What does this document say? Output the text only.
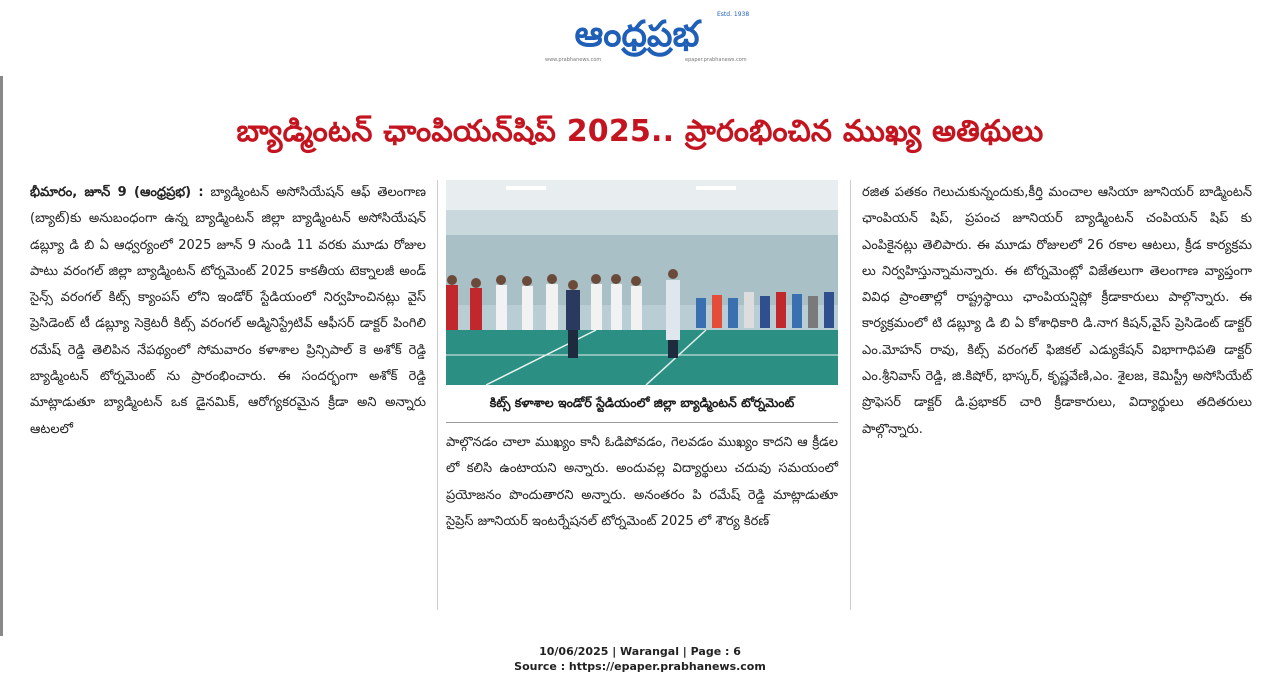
ఆంధ్రప్రభ	Estd. 1938
www.prabhanews.com	epaper.prabhanews.com
బ్యాడ్మింటన్ ఛాంపియన్‌షిప్ 2025.. ప్రారంభించిన ముఖ్య అతిథులు

భీమారం, జూన్ 9 (ఆంధ్రప్రభ) : బ్యాడ్మింటన్ అసోసియేషన్ ఆఫ్ తెలంగాణ (బ్యాట్)కు అనుబంధంగా ఉన్న బ్యాడ్మింటన్ జిల్లా బ్యాడ్మింటన్ అసోసియేషన్ డబ్ల్యూ డి బి ఏ ఆధ్వర్యంలో 2025 జూన్ 9 నుండి 11 వరకు మూడు రోజుల పాటు వరంగల్ జిల్లా బ్యాడ్మింటన్ టోర్నమెంట్ 2025 కాకతీయ టెక్నాలజీ అండ్ సైన్స్ వరంగల్ కిట్స్ క్యాంపస్ లోని ఇండోర్ స్టేడియంలో నిర్వహించినట్లు వైస్ ప్రెసిడెంట్ టీ డబ్ల్యూ సెక్రెటరీ కిట్స్ వరంగల్ అడ్మినిస్ట్రేటివ్ ఆఫీసర్ డాక్టర్ పింగిలి రమేష్ రెడ్డి తెలిపిన నేపథ్యంలో సోమవారం కళాశాల ప్రిన్సిపాల్ కె అశోక్ రెడ్డి బ్యాడ్మింటన్ టోర్నమెంట్ ను ప్రారంభించారు. ఈ సందర్భంగా అశోక్ రెడ్డి మాట్లాడుతూ బ్యాడ్మింటన్ ఒక డైనమిక్, ఆరోగ్యకరమైన క్రీడా అని అన్నారు ఆటలలో

కిట్స్ కళాశాల ఇండోర్ స్టేడియంలో జిల్లా బ్యాడ్మింటన్ టోర్నమెంట్

పాల్గొనడం చాలా ముఖ్యం కానీ ఓడిపోవడం, గెలవడం ముఖ్యం కాదని ఆ క్రీడల లో కలిసి ఉంటాయని అన్నారు. అందువల్ల విద్యార్థులు చదువు సమయంలో ప్రయోజనం పొందుతారని అన్నారు. అనంతరం పి రమేష్ రెడ్డి మాట్లాడుతూ సైప్రెస్ జూనియర్ ఇంటర్నేషనల్ టోర్నమెంట్ 2025 లో శౌర్య కిరణ్

రజిత పతకం గెలుచుకున్నందుకు,కీర్తి మంచాల ఆసియా జూనియర్ బాడ్మింటన్ ఛాంపియన్ షిప్, ప్రపంచ జూనియర్ బ్యాడ్మింటన్ చంపియన్ షిప్ కు ఎంపికైనట్లు తెలిపారు. ఈ మూడు రోజులలో 26 రకాల ఆటలు, క్రీడ కార్యక్రమ లు నిర్వహిస్తున్నామన్నారు. ఈ టోర్నమెంట్లో విజేతలుగా తెలంగాణ వ్యాప్తంగా వివిధ ప్రాంతాల్లో రాష్ట్రస్థాయి ఛాంపియన్షిప్లో క్రీడాకారులు పాల్గొన్నారు. ఈ కార్యక్రమంలో టి డబ్ల్యూ డి బి ఏ కోశాధికారి డి.నాగ కిషన్,వైస్ ప్రెసిడెంట్ డాక్టర్ ఎం.మోహన్ రావు, కిట్స్ వరంగల్ ఫిజికల్ ఎడ్యుకేషన్ విభాగాధిపతి డాక్టర్ ఎం.శ్రీనివాస్ రెడ్డి, జి.కిషోర్, భాస్కర్, కృష్ణవేణి,ఎం. శైలజ, కెమిస్ట్రీ అసోసియేట్ ప్రొఫెసర్ డాక్టర్ డి.ప్రభాకర్ చారి క్రీడాకారులు, విద్యార్థులు తదితరులు పాల్గొన్నారు.

10/06/2025 | Warangal | Page : 6
Source : https://epaper.prabhanews.com
